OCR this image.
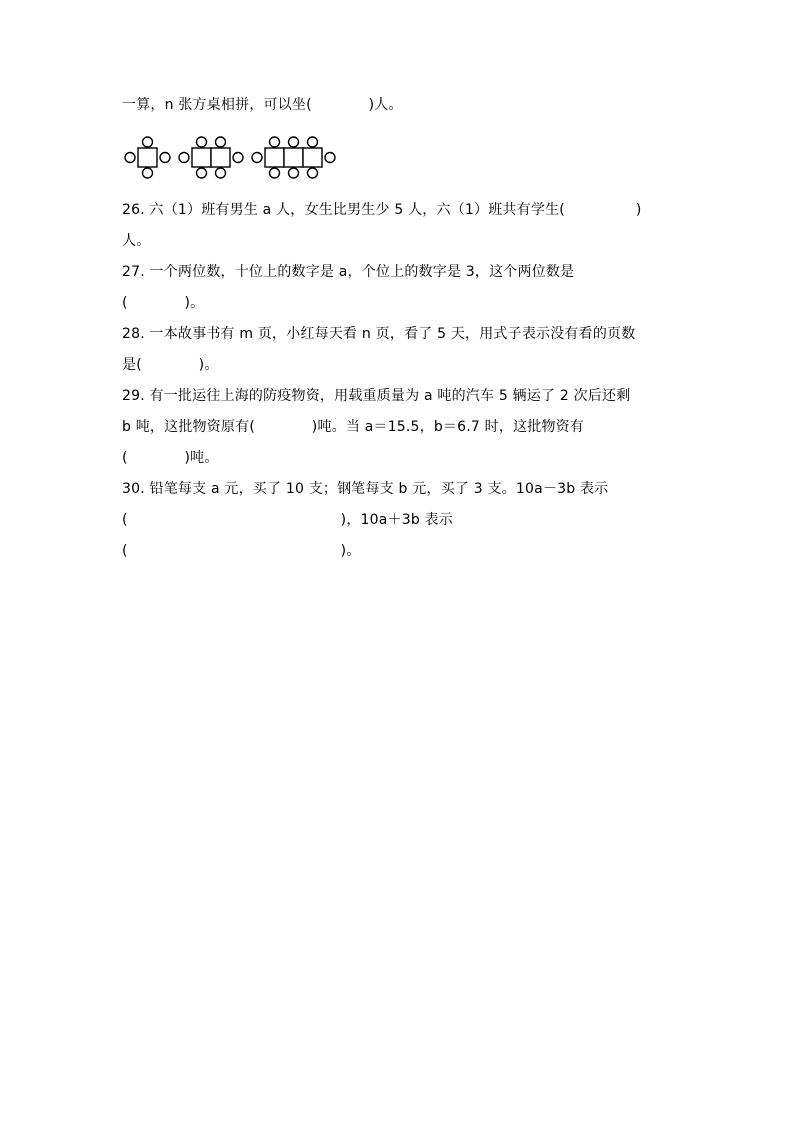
一算，n 张方桌相拼，可以坐(　　　　)人。
26. 六（1）班有男生 a 人，女生比男生少 5 人，六（1）班共有学生(　　　　　)
人。
27. 一个两位数，十位上的数字是 a，个位上的数字是 3，这个两位数是
(　　　　)。
28. 一本故事书有 m 页，小红每天看 n 页，看了 5 天，用式子表示没有看的页数
是(　　　　)。
29. 有一批运往上海的防疫物资，用载重质量为 a 吨的汽车 5 辆运了 2 次后还剩
b 吨，这批物资原有(　　　　)吨。当 a＝15.5，b＝6.7 时，这批物资有
(　　　　)吨。
30. 铅笔每支 a 元，买了 10 支；钢笔每支 b 元，买了 3 支。10a－3b 表示
(　　　　　　　　　　　　　　　)，10a＋3b 表示
(　　　　　　　　　　　　　　　)。
